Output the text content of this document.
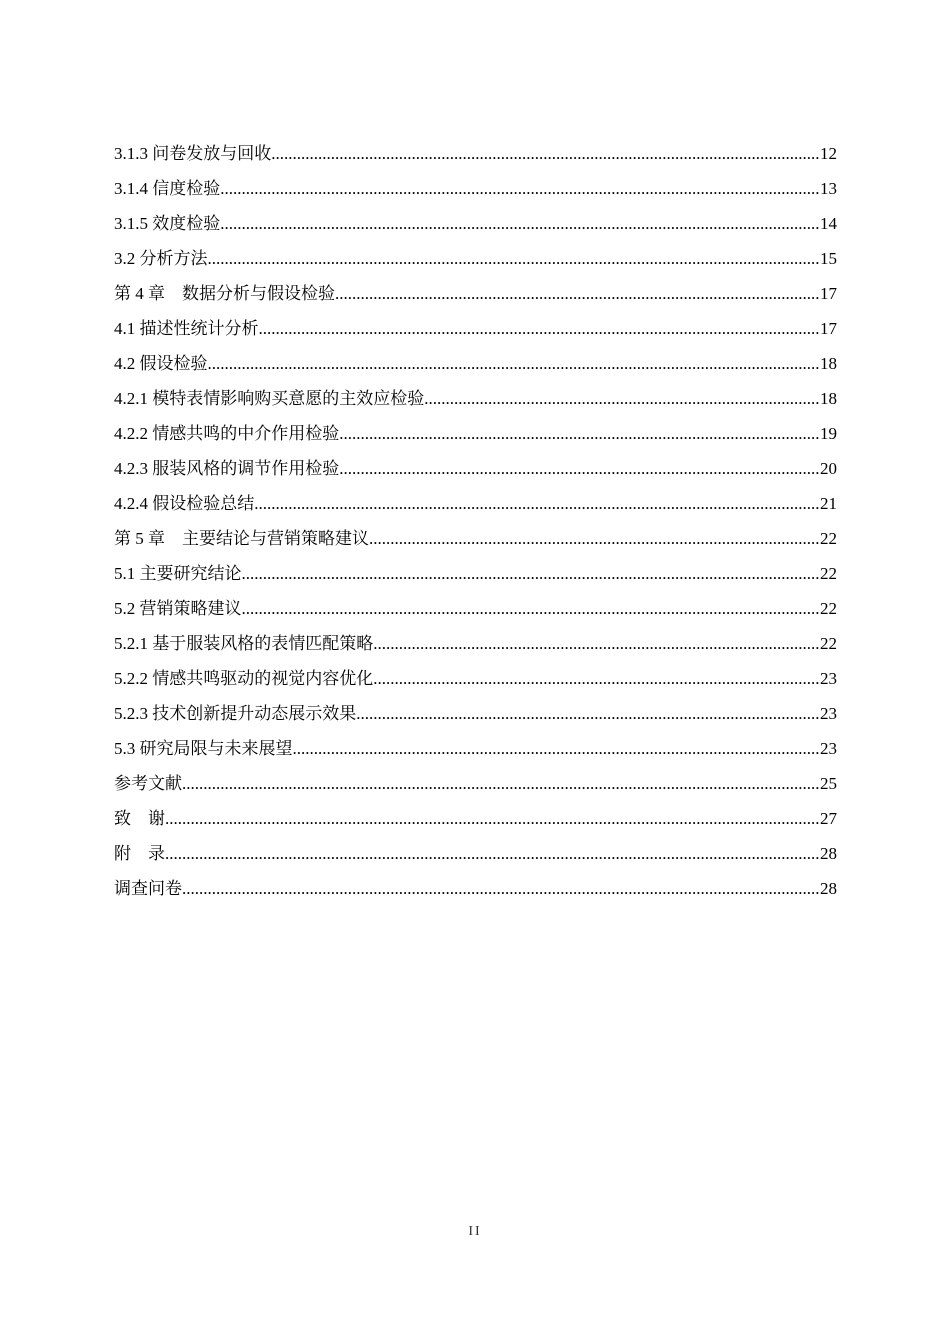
3.1.3 问卷发放与回收 .....	12
3.1.4 信度检验 .....	13
3.1.5 效度检验 .....	14
3.2 分析方法 .....	15
第 4 章　数据分析与假设检验 .....	17
4.1 描述性统计分析 .....	17
4.2 假设检验 .....	18
4.2.1 模特表情影响购买意愿的主效应检验 .....	18
4.2.2 情感共鸣的中介作用检验 .....	19
4.2.3 服装风格的调节作用检验 .....	20
4.2.4 假设检验总结 .....	21
第 5 章　主要结论与营销策略建议 .....	22
5.1 主要研究结论 .....	22
5.2 营销策略建议 .....	22
5.2.1 基于服装风格的表情匹配策略 .....	22
5.2.2 情感共鸣驱动的视觉内容优化 .....	23
5.2.3 技术创新提升动态展示效果 .....	23
5.3 研究局限与未来展望 .....	23
参考文献 .....	25
致　谢 .....	27
附　录 .....	28
调查问卷 .....	28
II
